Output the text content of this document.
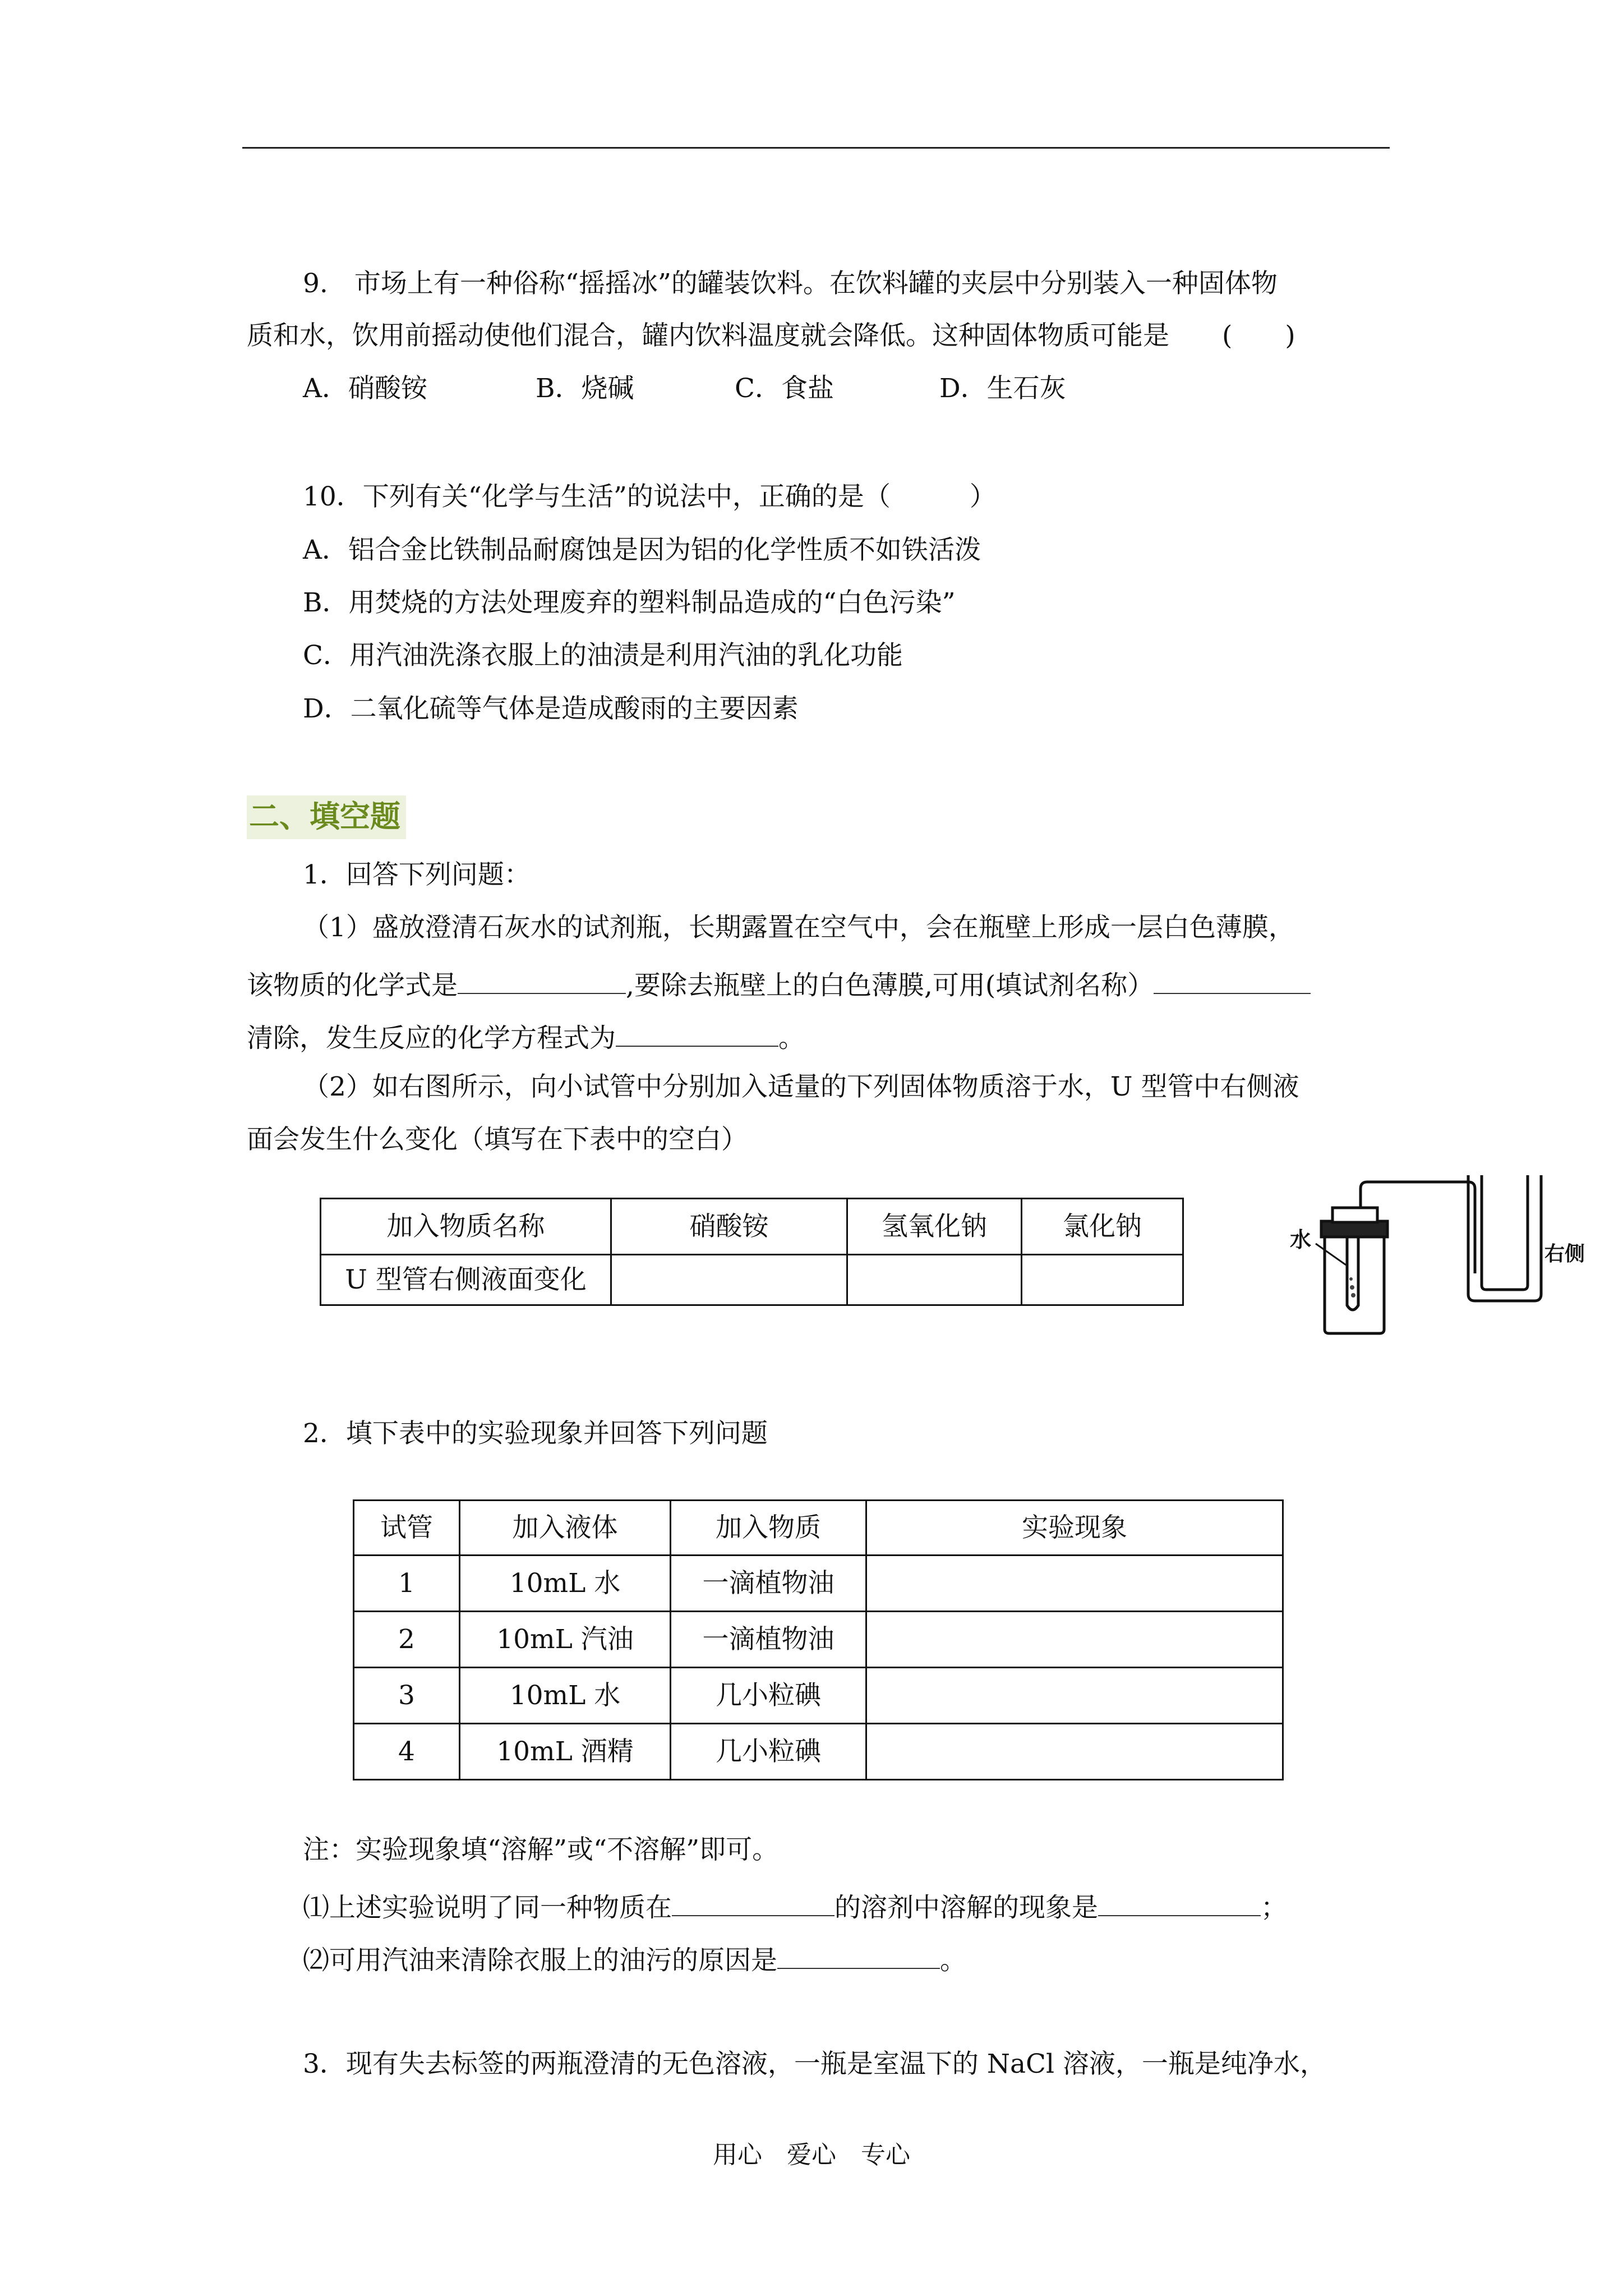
9.　市场上有一种俗称“摇摇冰”的罐装饮料。在饮料罐的夹层中分别装入一种固体物
质和水，饮用前摇动使他们混合，罐内饮料温度就会降低。这种固体物质可能是　　(　　)
A．硝酸铵	B．烧碱	C．食盐	D．生石灰
10．下列有关“化学与生活”的说法中，正确的是（　　　）
A．铝合金比铁制品耐腐蚀是因为铝的化学性质不如铁活泼
B．用焚烧的方法处理废弃的塑料制品造成的“白色污染”
C．用汽油洗涤衣服上的油渍是利用汽油的乳化功能
D．二氧化硫等气体是造成酸雨的主要因素
二、填空题
1．回答下列问题：
（1）盛放澄清石灰水的试剂瓶，长期露置在空气中，会在瓶壁上形成一层白色薄膜，
该物质的化学式是	,要除去瓶壁上的白色薄膜,可用(填试剂名称）
清除，发生反应的化学方程式为	。
（2）如右图所示，向小试管中分别加入适量的下列固体物质溶于水，U 型管中右侧液
面会发生什么变化（填写在下表中的空白）
加入物质名称	硝酸铵	氢氧化钠	氯化钠
U 型管右侧液面变化			
水
右侧
2．填下表中的实验现象并回答下列问题
试管	加入液体	加入物质	实验现象
1	10mL 水	一滴植物油	
2	10mL 汽油	一滴植物油	
3	10mL 水	几小粒碘	
4	10mL 酒精	几小粒碘	
注：实验现象填“溶解”或“不溶解”即可。
⑴上述实验说明了同一种物质在	的溶剂中溶解的现象是	；
⑵可用汽油来清除衣服上的油污的原因是	。
3．现有失去标签的两瓶澄清的无色溶液，一瓶是室温下的 NaCl 溶液，一瓶是纯净水，
用心　爱心　专心
